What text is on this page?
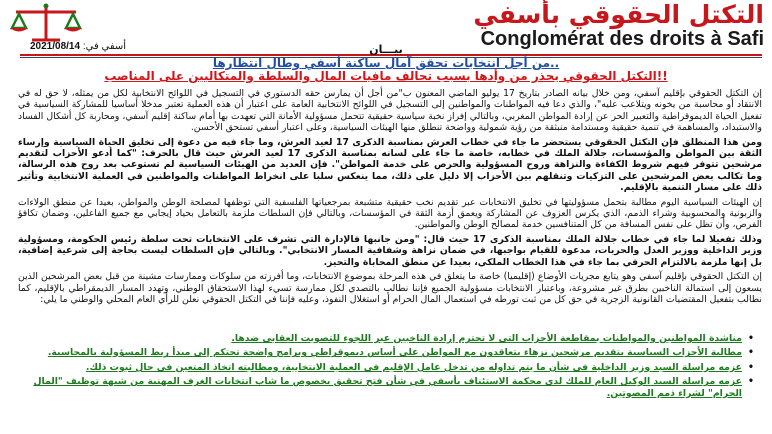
التكتل الحقوقي بأسفي
Conglomérat des droits à Safi
أسفي في: 2021/08/14	بيـــان
من أجل انتخابات تحقق آمال ساكنة أسفي وطال انتظارها..
التكتل الحقوقي يحذر من وأدها بسبب تحالف مافيات المال والسلطة والمتكالبين على المناصب!!

إن التكتل الحقوقي بإقليم آسفي، ومن خلال بيانه الصادر بتاريخ 17 يوليو الماضي المعنون ب"من أجل أن يمارس حقه الدستوري في التسجيل في اللوائح الانتخابية لكل من يمثله، لا حق له في الانتقاد أو محاسبة من يخونه ويتلاعب عليه"، والذي دعا فيه المواطنات والمواطنين إلى التسجيل في اللوائح الانتخابية العامة على اعتبار أن هذه العملية تعتبر مدخلا أساسيا للمشاركة السياسية في تفعيل الحياة الديموقراطية والتعبير الحر عن إرادة المواطن المغربي، وبالتالي إفراز نخبة سياسية حقيقية تتحمل مسؤولية الأمانة التي تعهدت بها أمام ساكنة إقليم آسفي، ومحاربة كل أشكال الفساد والاستبداد، والمساهمة في تنمية حقيقية ومستدامة منبثقة من رؤية شمولية وواضحة تنطلق منها الهيئات السياسية، وعلى اعتبار أسفي تستحق الأحسن.

ومن هذا المنطلق فإن التكتل الحقوقي يستحضر ما جاء في خطاب العرش بمناسبة الذكرى 17 لعيد العرش، وما جاء فيه من دعوة إلى تخليق الحياة السياسية وإرساء الثقة بين المواطن والمؤسسات، جلالة الملك في خطابه، خاصة ما جاء على لسانه بمناسبة الذكرى 17 لعيد العرش حيث قال بالحرف: "كما أدعو الأحزاب لتقديم مرشحين تتوفر فيهم شروط الكفاءة والنزاهة وروح المسؤولية والحرص على خدمة المواطن". فإن العديد من الهيئات السياسية لم تستوعب بعد روح هذه الرسالة، وما تكالب بعض المرشحين على التزكيات وتنقلهم بين الأحزاب إلا دليل على ذلك، مما ينعكس سلبا على انخراط المواطنات والمواطنين في العملية الانتخابية وتأثير ذلك على مسار التنمية بالإقليم.

إن الهيئات السياسية اليوم مطالبة بتحمل مسؤوليتها في تخليق الانتخابات عبر تقديم نخب حقيقية متشبعة بمرجعياتها الفلسفية التي توظفها لمصلحة الوطن والمواطن، بعيدا عن منطق الولاءات والزبونية والمحسوبية وشراء الذمم، الذي يكرس العزوف عن المشاركة ويعمق أزمة الثقة في المؤسسات، وبالتالي فإن السلطات ملزمة بالتعامل بحياد إيجابي مع جميع الفاعلين، وضمان تكافؤ الفرص، وأن تظل على نفس المسافة من كل المتنافسين خدمة لمصالح الوطن والمواطنين.

وذلك تفعيلا لما جاء في خطاب جلالة الملك بمناسبة الذكرى 17 حيث قال: "ومن جانبها فالإدارة التي تشرف على الانتخابات تحت سلطة رئيس الحكومة، ومسؤولية وزير الداخلية ووزير العدل والحريات، مدعوة للقيام بواجبها، في ضمان نزاهة وشفافية المسار الانتخابي". وبالتالي فإن السلطات ليست بحاجة إلى شرعية إضافية، بل إنها ملزمة بالالتزام الحرفي بما جاء في هذا الخطاب الملكي، بعيدا عن منطق المحاباة والتحيز.

إن التكتل الحقوقي بإقليم آسفي وهو يتابع مجريات الأوضاع (إقليميا) خاصة ما يتعلق في هذه المرحلة بموضوع الانتخابات، وما أفرزته من سلوكات وممارسات مشينة من قبل بعض المرشحين الذين يسعون إلى استمالة الناخبين بطرق غير مشروعة، وباعتبار الانتخابات مسؤولية الجميع فإننا نطالب بالتصدي لكل ممارسة تسيء لهذا الاستحقاق الوطني، وتهدد المسار الديمقراطي بالإقليم، كما نطالب بتفعيل المقتضيات القانونية الزجرية في حق كل من ثبت تورطه في استعمال المال الحرام أو استغلال النفوذ، وعليه فإننا في التكتل الحقوقي نعلن للرأي العام المحلي والوطني ما يلي:

• مناشدة المواطنين والمواطنات بمقاطعة الأحزاب التي لا تحترم إرادة الناخبين عبر اللجوء للتصويت العقابي ضدها.
• مطالبة الأحزاب السياسية بتقديم مرشحين نزهاء يتعاقدون مع المواطن على أساس ديموقراطي وبرامج واضحة تحتكم إلى مبدأ ربط المسؤولية بالمحاسبة.
• عزمه مراسلة السيد وزير الداخلية في شأن ما يتم تداوله من تدخل عامل الإقليم في العملية الانتخابية، ومطالبته اتخاذ المتعين في حال ثبوت ذلك.
• عزمه مراسلة السيد الوكيل العام للملك لدى محكمة الاستئناف بأسفي في شأن فتح تحقيق بخصوص ما شاب انتخابات الغرف المهنية من شبهة توظيف "المال الحرام" لشراء ذمم المصوتين.
